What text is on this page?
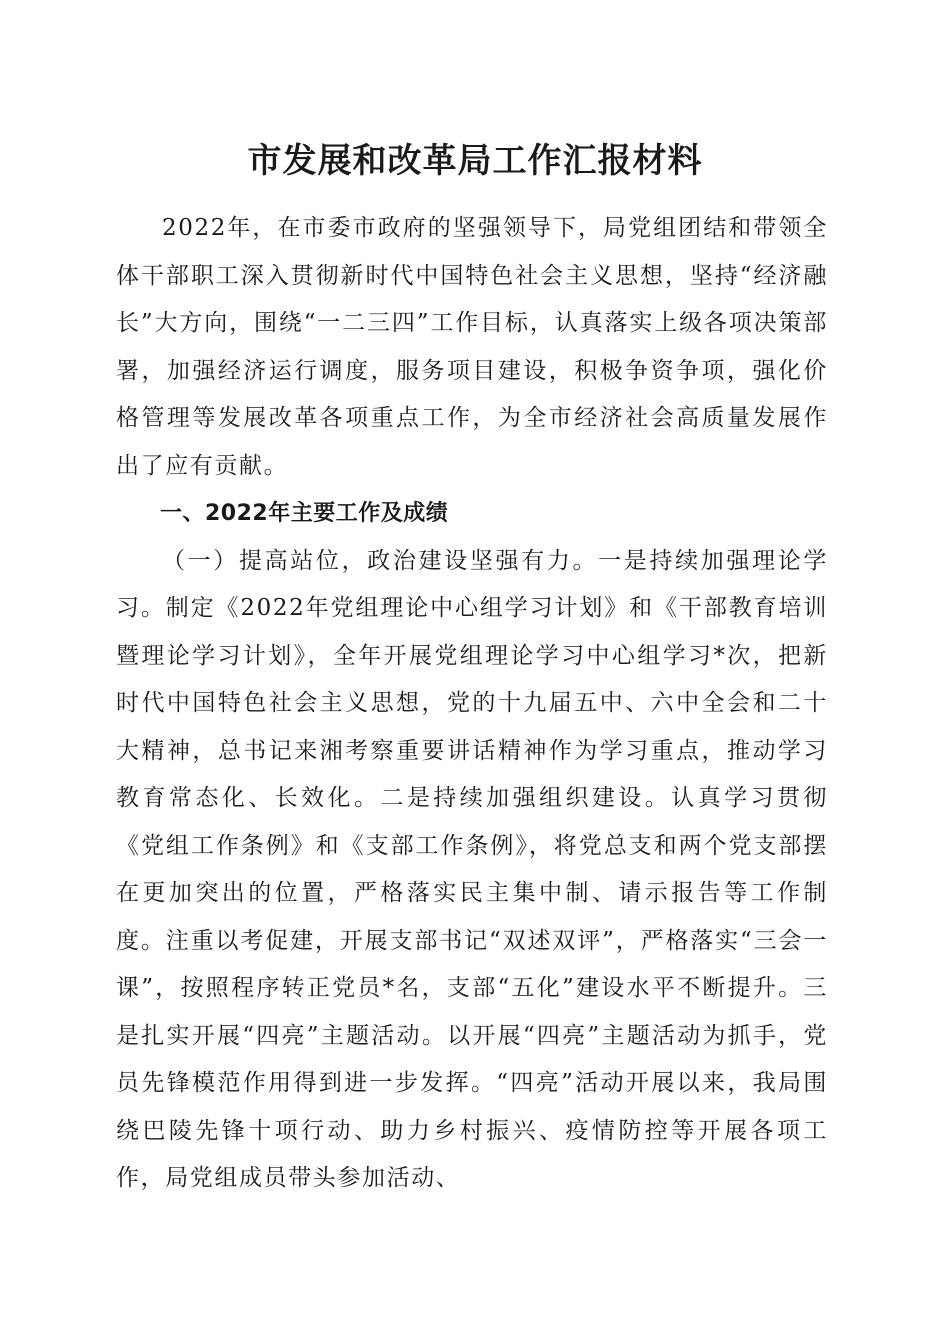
市发展和改革局工作汇报材料

2022年，在市委市政府的坚强领导下，局党组团结和带领全体干部职工深入贯彻新时代中国特色社会主义思想，坚持“经济融长”大方向，围绕“一二三四”工作目标，认真落实上级各项决策部署，加强经济运行调度，服务项目建设，积极争资争项，强化价格管理等发展改革各项重点工作，为全市经济社会高质量发展作出了应有贡献。

一、2022年主要工作及成绩

（一）提高站位，政治建设坚强有力。一是持续加强理论学习。制定《2022年党组理论中心组学习计划》和《干部教育培训暨理论学习计划》，全年开展党组理论学习中心组学习*次，把新时代中国特色社会主义思想，党的十九届五中、六中全会和二十大精神，总书记来湘考察重要讲话精神作为学习重点，推动学习教育常态化、长效化。二是持续加强组织建设。认真学习贯彻《党组工作条例》和《支部工作条例》，将党总支和两个党支部摆在更加突出的位置，严格落实民主集中制、请示报告等工作制度。注重以考促建，开展支部书记“双述双评”，严格落实“三会一课”，按照程序转正党员*名，支部“五化”建设水平不断提升。三是扎实开展“四亮”主题活动。以开展“四亮”主题活动为抓手，党员先锋模范作用得到进一步发挥。“四亮”活动开展以来，我局围绕巴陵先锋十项行动、助力乡村振兴、疫情防控等开展各项工作，局党组成员带头参加活动、
